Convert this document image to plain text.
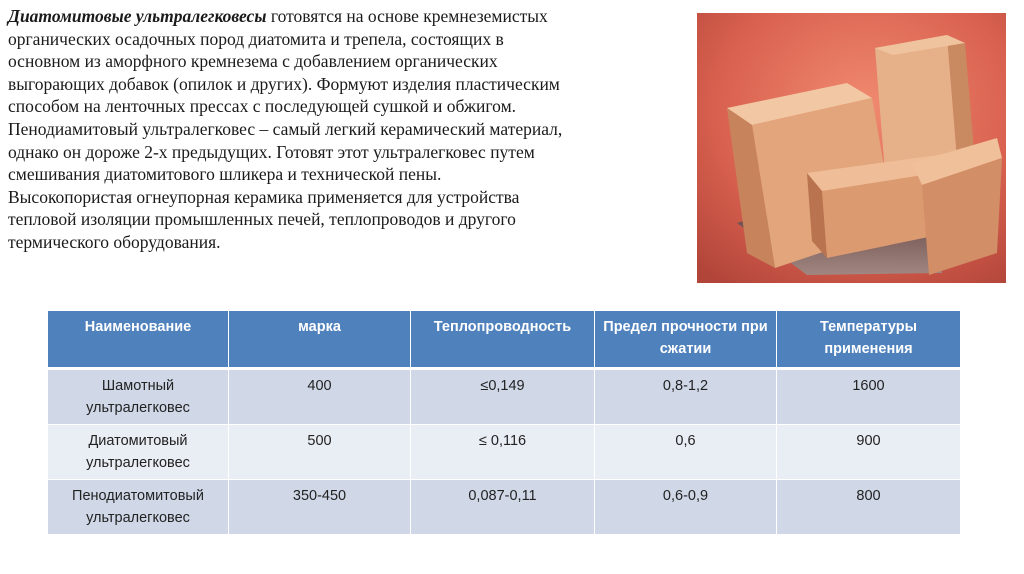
Диатомитовые ультралегковесы готовятся на основе кремнеземистых
органических осадочных пород диатомита и трепела, состоящих в
основном из аморфного кремнезема с добавлением органических
выгорающих добавок (опилок и других). Формуют изделия пластическим
способом на ленточных прессах с последующей сушкой и обжигом.
Пенодиамитовый ультралегковес – самый легкий керамический материал,
однако он дороже 2-х предыдущих. Готовят этот ультралегковес путем
смешивания диатомитового шликера и технической пены.
Высокопористая огнеупорная керамика применяется для устройства
тепловой изоляции промышленных печей, теплопроводов и другого
термического оборудования.

Наименование	марка	Теплопроводность	Предел прочности при сжатии	Температуры применения
Шамотный ультралегковес	400	≤0,149	0,8-1,2	1600
Диатомитовый ультралегковес	500	≤ 0,116	0,6	900
Пенодиатомитовый ультралегковес	350-450	0,087-0,11	0,6-0,9	800
